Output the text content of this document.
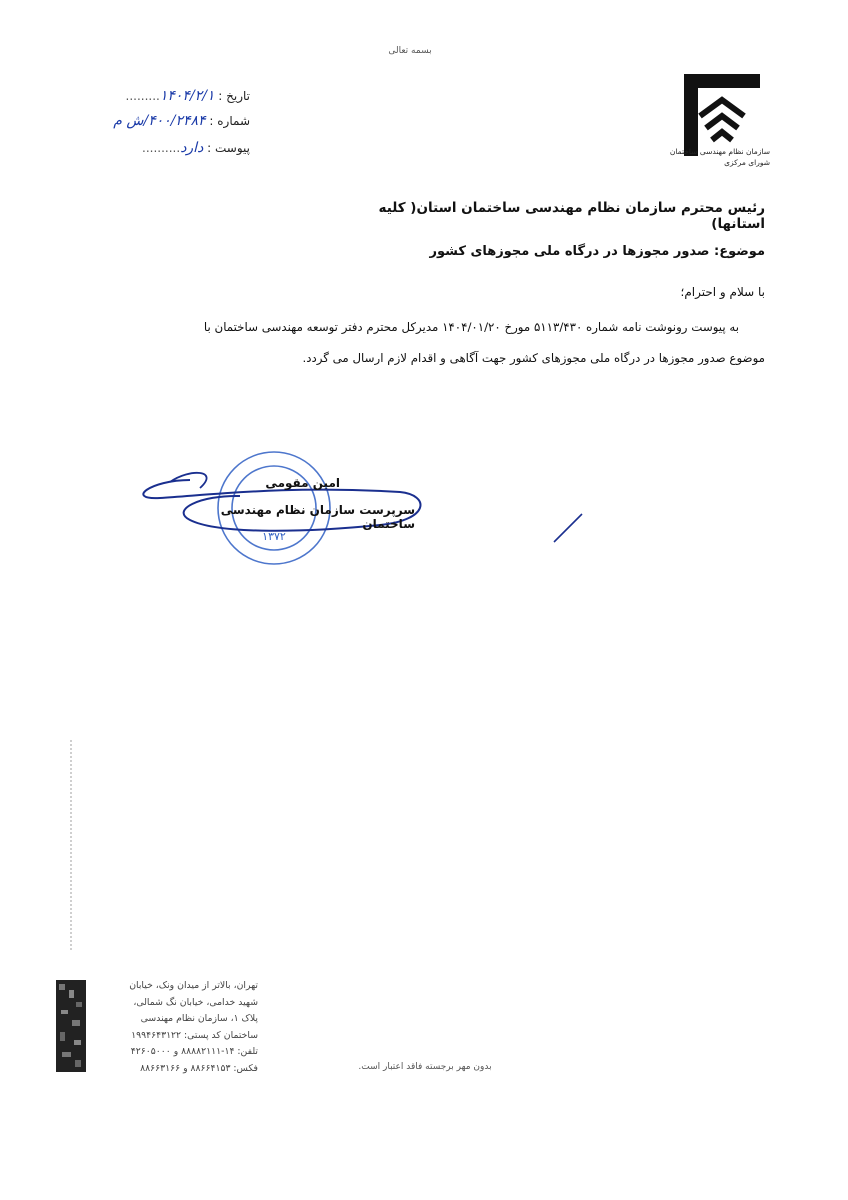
بسمه تعالی
سازمان نظام مهندسی ساختمان
شورای مرکزی
تاریخ : ۱۴۰۴/۲/۱.........
شماره : ۴۰۰/۲۴۸۴/ش م
پیوست : دارد..........
رئیس محترم سازمان نظام مهندسی ساختمان استان( کلیه استانها)
موضوع: صدور مجوزها در درگاه ملی مجوزهای کشور
با سلام و احترام؛
به پیوست رونوشت نامه شماره ۵۱۱۳/۴۳۰ مورخ ۱۴۰۴/۰۱/۲۰ مدیرکل محترم دفتر توسعه مهندسی ساختمان با
موضوع صدور مجوزها در درگاه ملی مجوزهای کشور جهت آگاهی و اقدام لازم ارسال می گردد.
۱۳۷۲
امین مقومی
سرپرست سازمان نظام مهندسی ساختمان
تهران، بالاتر از میدان ونک، خیابان
شهید خدامی، خیابان نگ شمالی،
پلاک ۱، سازمان نظام مهندسی
ساختمان کد پستی: ۱۹۹۴۶۴۳۱۲۲
تلفن: ۱۴-۸۸۸۸۲۱۱۱ و ۴۲۶۰۵۰۰۰
فکس: ۸۸۶۶۴۱۵۳ و ۸۸۶۶۳۱۶۶	بدون مهر برجسته فاقد اعتبار است.
